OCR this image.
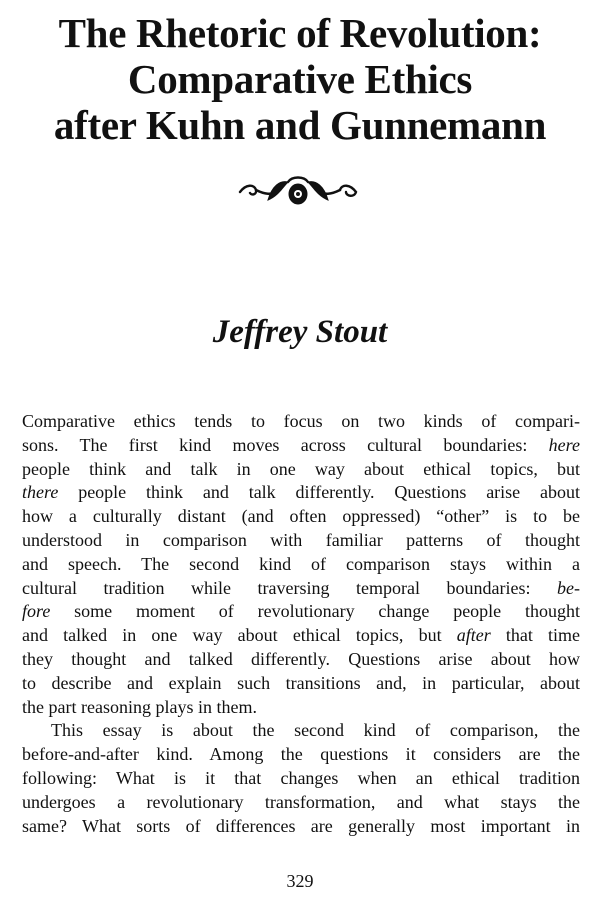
The Rhetoric of Revolution:
Comparative Ethics
after Kuhn and Gunnemann
Jeffrey Stout
Comparative ethics tends to focus on two kinds of compari-
sons. The first kind moves across cultural boundaries: here
people think and talk in one way about ethical topics, but
there people think and talk differently. Questions arise about
how a culturally distant (and often oppressed) “other” is to be
understood in comparison with familiar patterns of thought
and speech. The second kind of comparison stays within a
cultural tradition while traversing temporal boundaries: be-
fore some moment of revolutionary change people thought
and talked in one way about ethical topics, but after that time
they thought and talked differently. Questions arise about how
to describe and explain such transitions and, in particular, about
the part reasoning plays in them.
This essay is about the second kind of comparison, the
before-and-after kind. Among the questions it considers are the
following: What is it that changes when an ethical tradition
undergoes a revolutionary transformation, and what stays the
same? What sorts of differences are generally most important in
329
